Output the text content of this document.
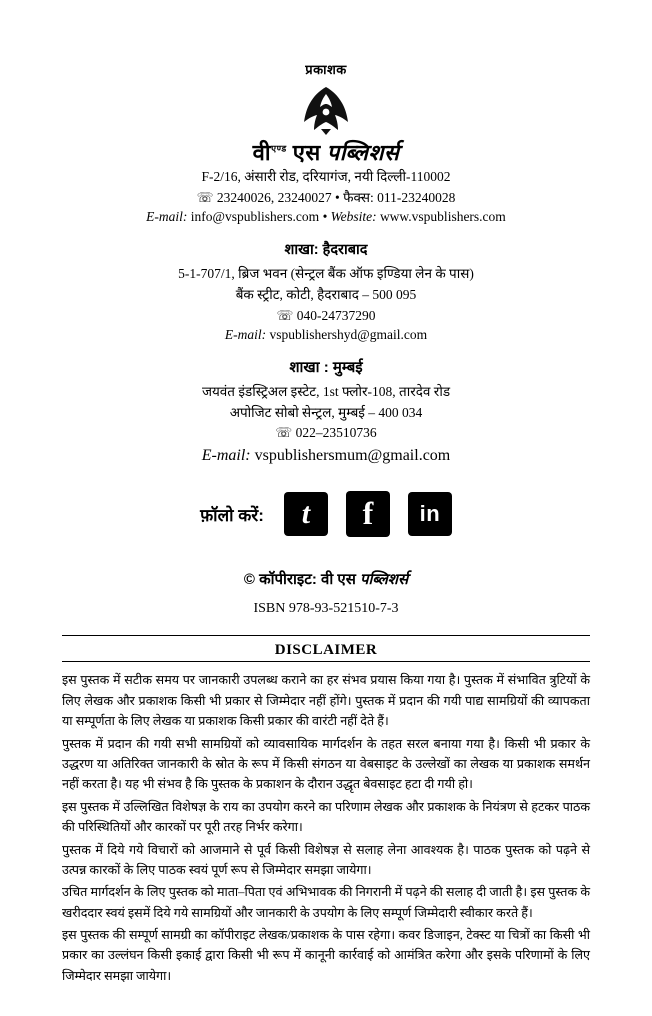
प्रकाशक
वी$^{एण्ड}$ एस पब्लिशर्स
F-2/16, अंसारी रोड, दरियागंज, नयी दिल्ली-110002
☏ 23240026, 23240027 • फैक्स: 011-23240028
E-mail: info@vspublishers.com • Website: www.vspublishers.com
शाखा: हैदराबाद
5-1-707/1, ब्रिज भवन (सेन्ट्रल बैंक ऑफ इण्डिया लेन के पास)
बैंक स्ट्रीट, कोटी, हैदराबाद – 500 095
☏ 040-24737290
E-mail: vspublishershyd@gmail.com
शाखा : मुम्बई
जयवंत इंडस्ट्रिअल इस्टेट, 1st फ्लोर-108, तारदेव रोड
अपोजिट सोबो सेन्ट्रल, मुम्बई – 400 034
☏ 022–23510736
E-mail: vspublishersmum@gmail.com
फ़ॉलो करें:	t	f	in
© कॉपीराइट: वी एस पब्लिशर्स
ISBN 978-93-521510-7-3
DISCLAIMER

इस पुस्तक में सटीक समय पर जानकारी उपलब्ध कराने का हर संभव प्रयास किया गया है। पुस्तक में संभावित त्रुटियों के लिए लेखक और प्रकाशक किसी भी प्रकार से जिम्मेदार नहीं होंगे। पुस्तक में प्रदान की गयी पाद्य सामग्रियों की व्यापकता या सम्पूर्णता के लिए लेखक या प्रकाशक किसी प्रकार की वारंटी नहीं देते हैं।

पुस्तक में प्रदान की गयी सभी सामग्रियों को व्यावसायिक मार्गदर्शन के तहत सरल बनाया गया है। किसी भी प्रकार के उद्धरण या अतिरिक्त जानकारी के स्रोत के रूप में किसी संगठन या वेबसाइट के उल्लेखों का लेखक या प्रकाशक समर्थन नहीं करता है। यह भी संभव है कि पुस्तक के प्रकाशन के दौरान उद्धृत बेवसाइट हटा दी गयी हो।

इस पुस्तक में उल्लिखित विशेषज्ञ के राय का उपयोग करने का परिणाम लेखक और प्रकाशक के नियंत्रण से हटकर पाठक की परिस्थितियों और कारकों पर पूरी तरह निर्भर करेगा।

पुस्तक में दिये गये विचारों को आजमाने से पूर्व किसी विशेषज्ञ से सलाह लेना आवश्यक है। पाठक पुस्तक को पढ़ने से उत्पन्न कारकों के लिए पाठक स्वयं पूर्ण रूप से जिम्मेदार समझा जायेगा।

उचित मार्गदर्शन के लिए पुस्तक को माता–पिता एवं अभिभावक की निगरानी में पढ़ने की सलाह दी जाती है। इस पुस्तक के खरीददार स्वयं इसमें दिये गये सामग्रियों और जानकारी के उपयोग के लिए सम्पूर्ण जिम्मेदारी स्वीकार करते हैं।

इस पुस्तक की सम्पूर्ण सामग्री का कॉपीराइट लेखक/प्रकाशक के पास रहेगा। कवर डिजाइन, टेक्स्ट या चित्रों का किसी भी प्रकार का उल्लंघन किसी इकाई द्वारा किसी भी रूप में कानूनी कार्रवाई को आमंत्रित करेगा और इसके परिणामों के लिए जिम्मेदार समझा जायेगा।
